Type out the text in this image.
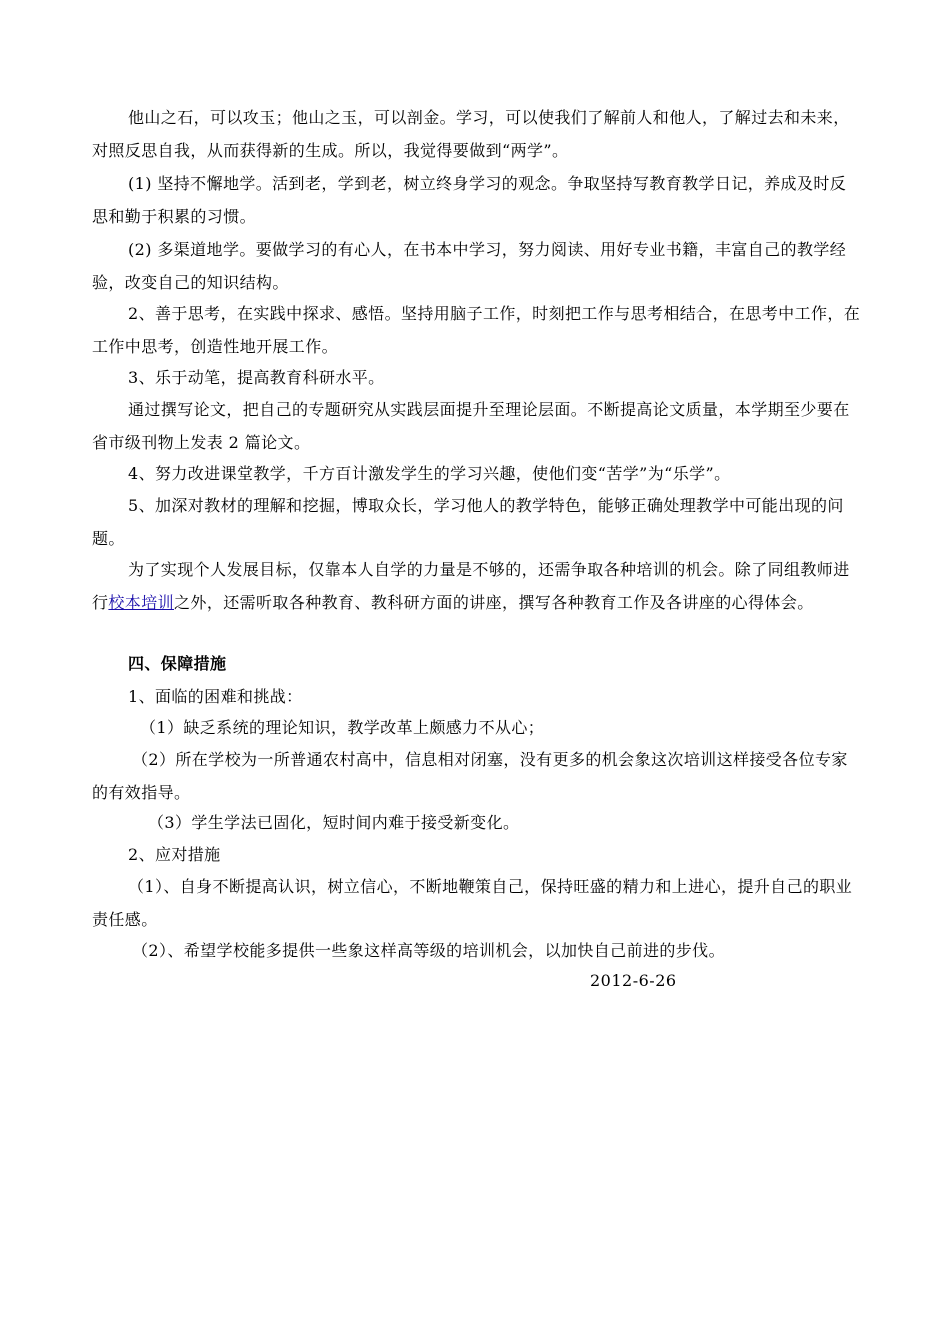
他山之石，可以攻玉；他山之玉，可以剖金。学习，可以使我们了解前人和他人，了解过去和未来，对照反思自我，从而获得新的生成。所以，我觉得要做到“两学”。
(1) 坚持不懈地学。活到老，学到老，树立终身学习的观念。争取坚持写教育教学日记，养成及时反思和勤于积累的习惯。
(2) 多渠道地学。要做学习的有心人，在书本中学习，努力阅读、用好专业书籍，丰富自己的教学经验，改变自己的知识结构。
2、善于思考，在实践中探求、感悟。坚持用脑子工作，时刻把工作与思考相结合，在思考中工作，在工作中思考，创造性地开展工作。
3、乐于动笔，提高教育科研水平。
通过撰写论文，把自己的专题研究从实践层面提升至理论层面。不断提高论文质量，本学期至少要在省市级刊物上发表 2 篇论文。
4、努力改进课堂教学，千方百计激发学生的学习兴趣，使他们变“苦学”为“乐学”。
5、加深对教材的理解和挖掘，博取众长，学习他人的教学特色，能够正确处理教学中可能出现的问题。
为了实现个人发展目标，仅靠本人自学的力量是不够的，还需争取各种培训的机会。除了同组教师进行校本培训之外，还需听取各种教育、教科研方面的讲座，撰写各种教育工作及各讲座的心得体会。
四、保障措施
1、面临的困难和挑战：
（1）缺乏系统的理论知识，教学改革上颇感力不从心；
（2）所在学校为一所普通农村高中，信息相对闭塞，没有更多的机会象这次培训这样接受各位专家的有效指导。
（3）学生学法已固化，短时间内难于接受新变化。
2、应对措施
（1）、自身不断提高认识，树立信心，不断地鞭策自己，保持旺盛的精力和上进心，提升自己的职业责任感。
（2）、希望学校能多提供一些象这样高等级的培训机会，以加快自己前进的步伐。
2012-6-26
